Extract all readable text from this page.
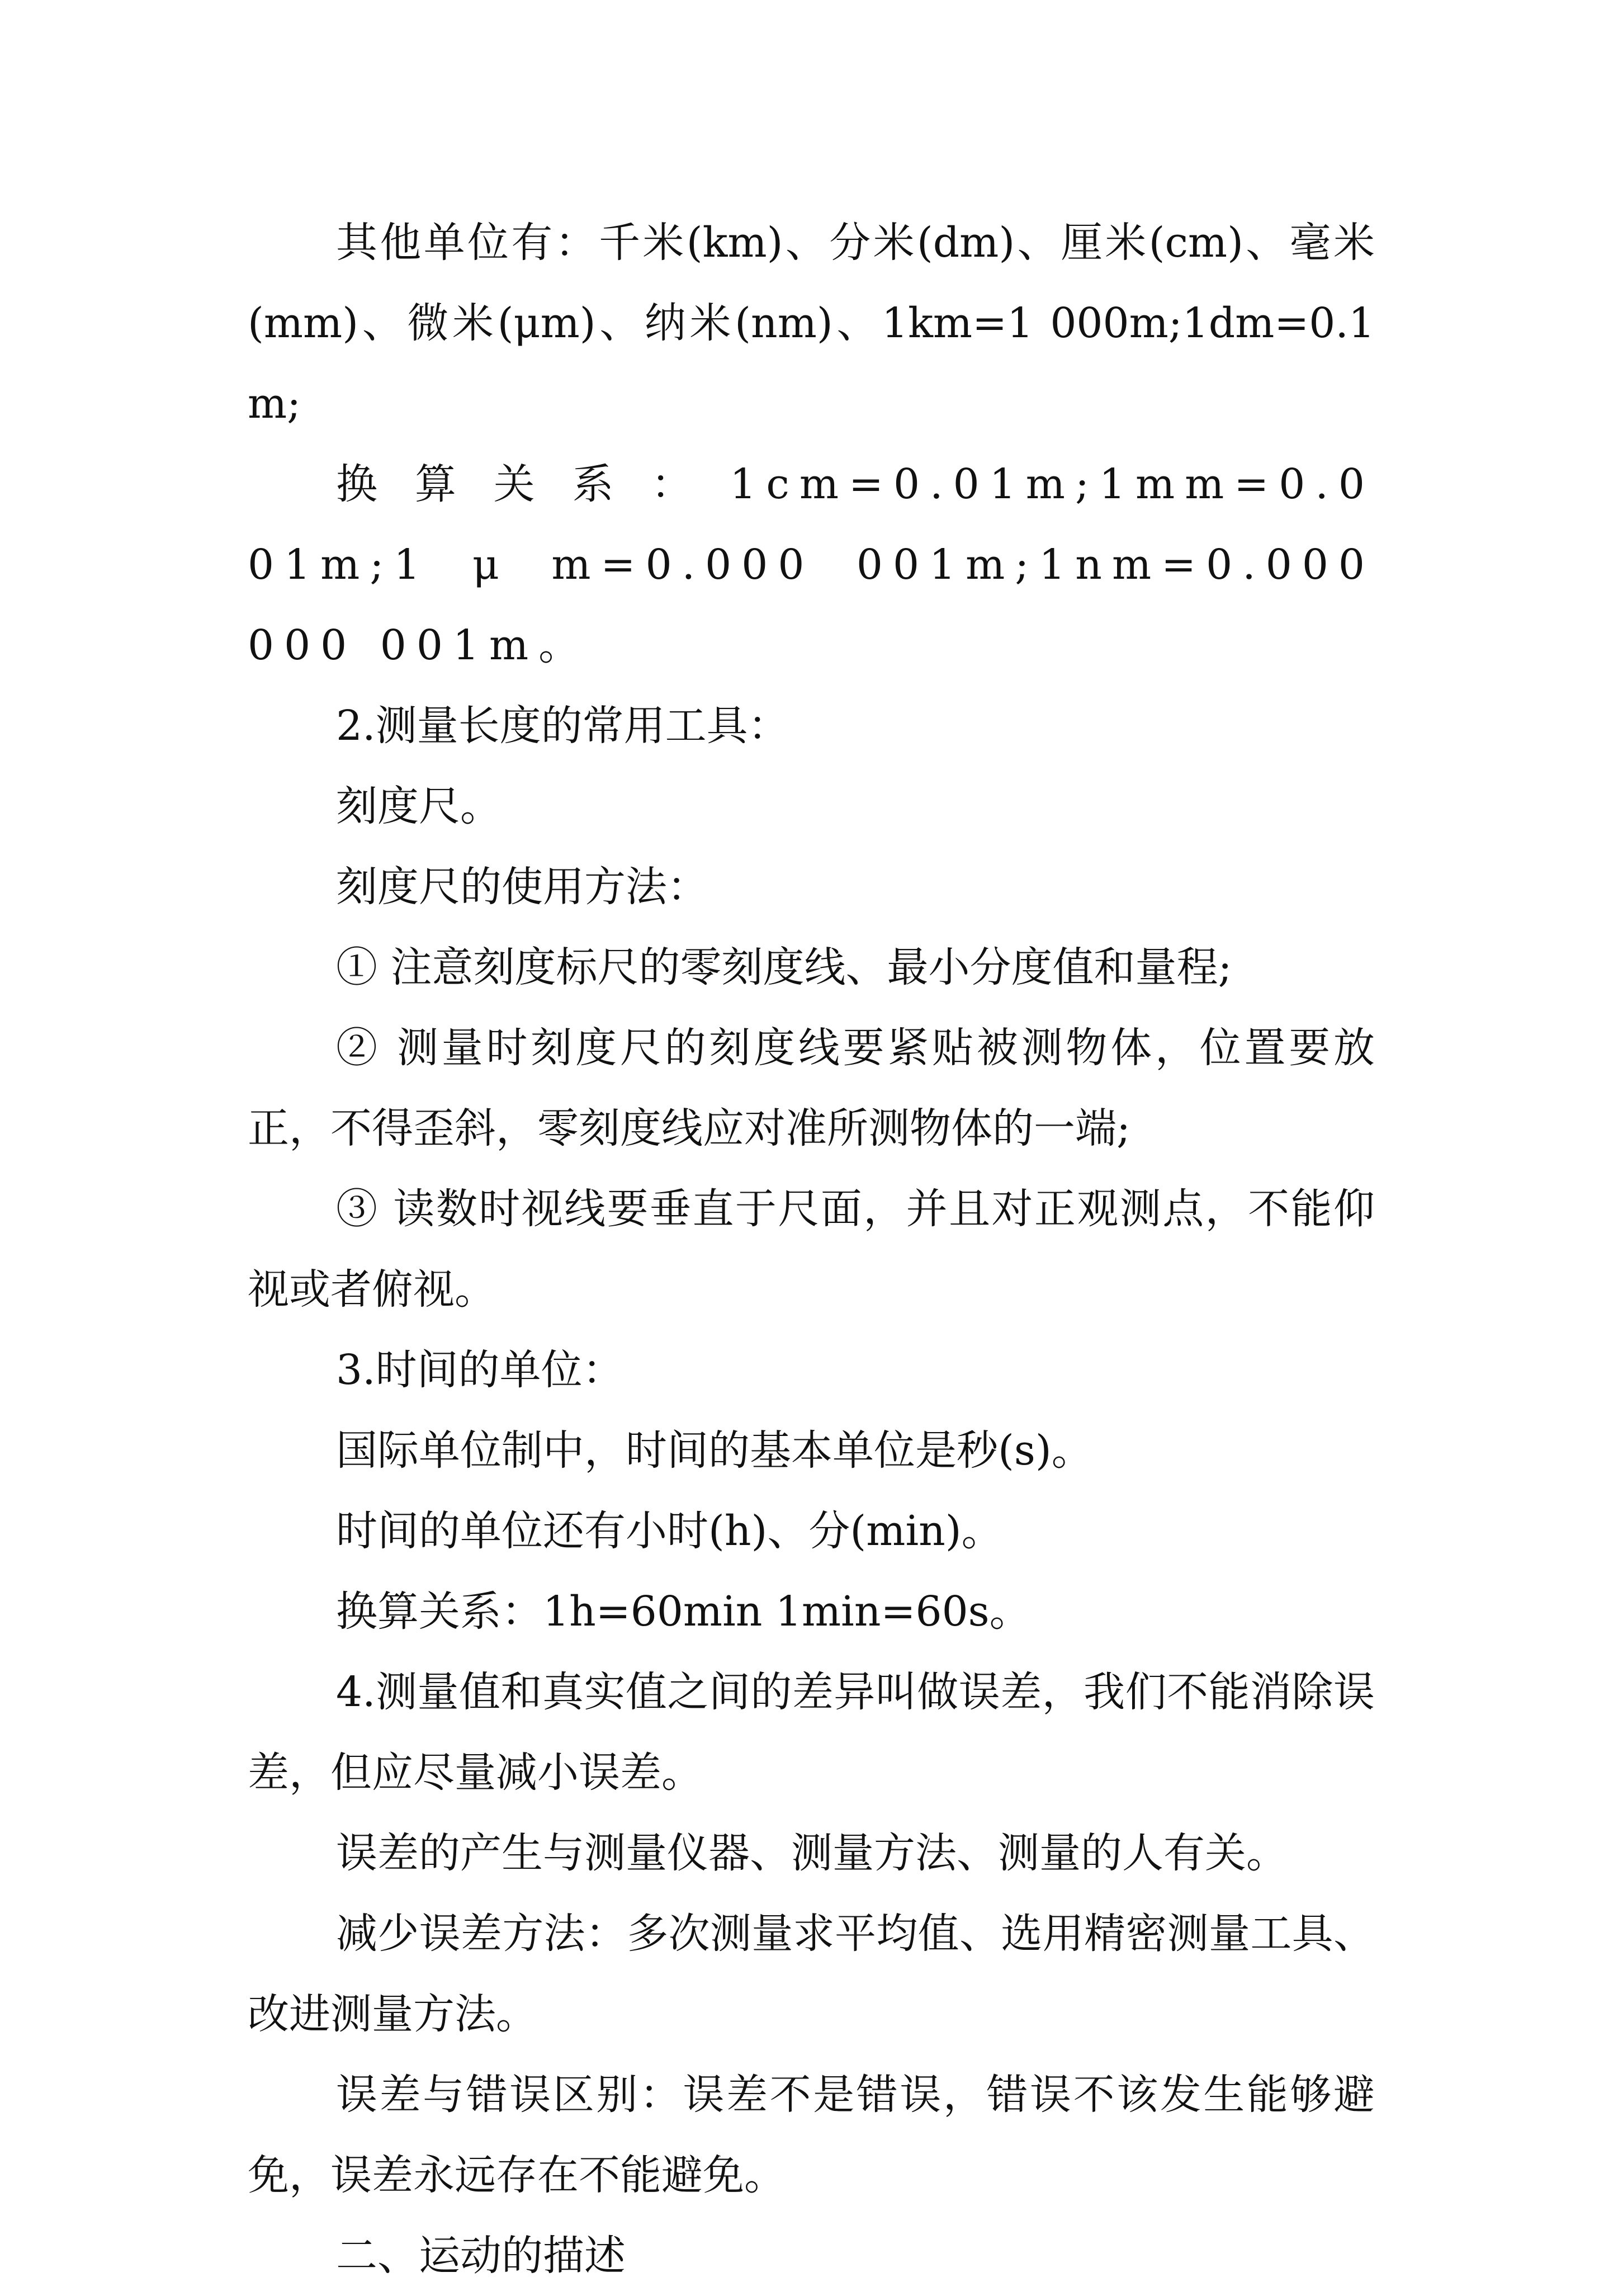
其他单位有：千米(km)、分米(dm)、厘米(cm)、毫米(mm)、微米(μm)、纳米(nm)、1km=1 000m;1dm=0.1m;

换 算 关 系 ： 1cm=0.01m;1mm=0.001m;1 μ m=0.000 001m;1nm=0.000 000 001m。

2.测量长度的常用工具：

刻度尺。

刻度尺的使用方法：

① 注意刻度标尺的零刻度线、最小分度值和量程;

② 测量时刻度尺的刻度线要紧贴被测物体，位置要放正，不得歪斜，零刻度线应对准所测物体的一端;

③ 读数时视线要垂直于尺面，并且对正观测点，不能仰视或者俯视。

3.时间的单位：

国际单位制中，时间的基本单位是秒(s)。

时间的单位还有小时(h)、分(min)。

换算关系：1h=60min 1min=60s。

4.测量值和真实值之间的差异叫做误差，我们不能消除误差，但应尽量减小误差。

误差的产生与测量仪器、测量方法、测量的人有关。

减少误差方法：多次测量求平均值、选用精密测量工具、改进测量方法。

误差与错误区别：误差不是错误，错误不该发生能够避免，误差永远存在不能避免。

二、运动的描述
